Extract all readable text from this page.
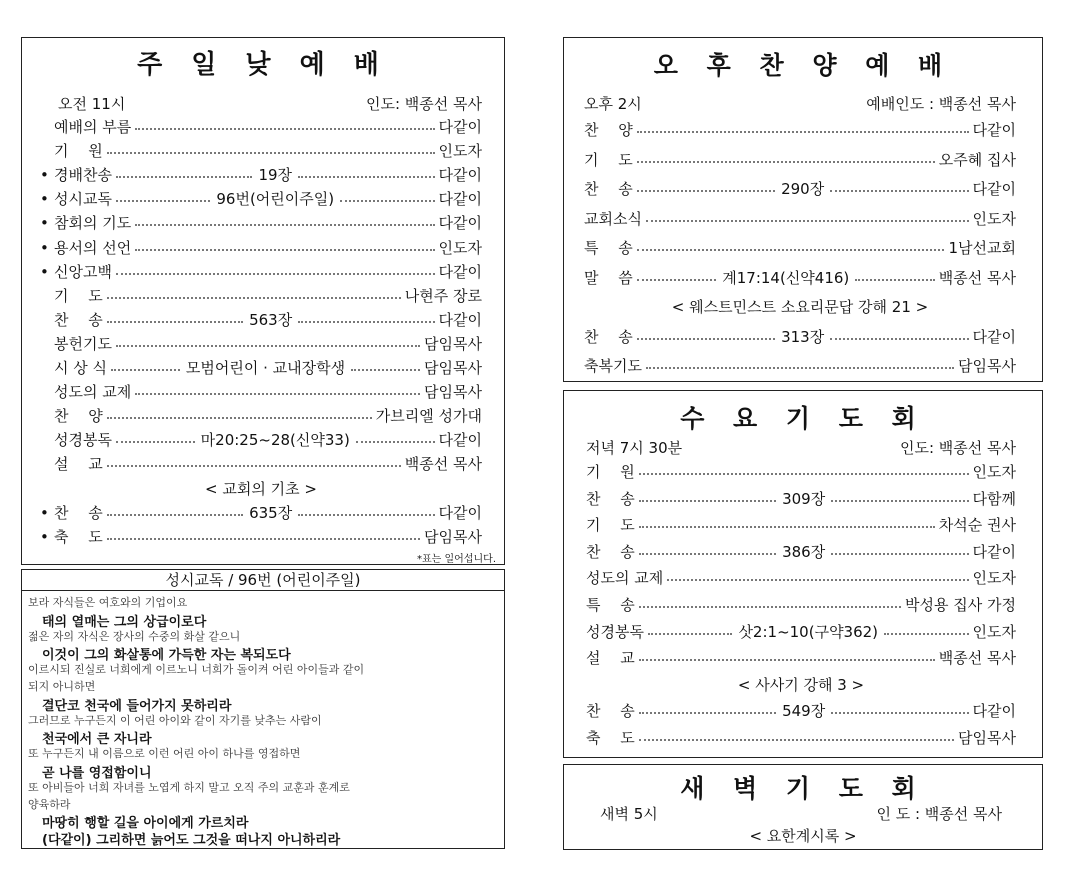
주 일 낮 예 배
오전 11시	인도: 백종선 목사
예배의 부름	다같이
기　 원	인도자
• 경배찬송	19장	다같이
• 성시교독	96번(어린이주일)	다같이
• 참회의 기도	다같이
• 용서의 선언	인도자
• 신앙고백	다같이
기　 도	나현주 장로
찬　 송	563장	다같이
봉헌기도	담임목사
시 상 식	모범어린이 · 교내장학생	담임목사
성도의 교제	담임목사
찬　 양	가브리엘 성가대
성경봉독	마20:25~28(신약33)	다같이
설　 교	백종선 목사
< 교회의 기초 >
• 찬　 송	635장	다같이
• 축　 도	담임목사
*표는 일어섭니다.
성시교독 / 96번 (어린이주일)
보라 자식들은 여호와의 기업이요
태의 열매는 그의 상급이로다
젊은 자의 자식은 장사의 수중의 화살 같으니
이것이 그의 화살통에 가득한 자는 복되도다
이르시되 진실로 너희에게 이르노니 너희가 돌이켜 어린 아이들과 같이
되지 아니하면
결단코 천국에 들어가지 못하리라
그러므로 누구든지 이 어린 아이와 같이 자기를 낮추는 사람이
천국에서 큰 자니라
또 누구든지 내 이름으로 이런 어린 아이 하나를 영접하면
곧 나를 영접함이니
또 아비들아 너희 자녀를 노엽게 하지 말고 오직 주의 교훈과 훈계로
양육하라
마땅히 행할 길을 아이에게 가르치라
(다같이) 그리하면 늙어도 그것을 떠나지 아니하리라
오 후 찬 양 예 배
오후 2시	예배인도 : 백종선 목사
찬　 양	다같이
기　 도	오주혜 집사
찬　 송	290장	다같이
교회소식	인도자
특　 송	1남선교회
말　 씀	계17:14(신약416)	백종선 목사
< 웨스트민스트 소요리문답 강해 21 >
찬　 송	313장	다같이
축복기도	담임목사
수 요 기 도 회
저녁 7시 30분	인도: 백종선 목사
기　 원	인도자
찬　 송	309장	다함께
기　 도	차석순 권사
찬　 송	386장	다같이
성도의 교제	인도자
특　 송	박성용 집사 가정
성경봉독	삿2:1~10(구약362)	인도자
설　 교	백종선 목사
< 사사기 강해 3 >
찬　 송	549장	다같이
축　 도	담임목사
새 벽 기 도 회
새벽 5시	인 도 : 백종선 목사
< 요한계시록 >
